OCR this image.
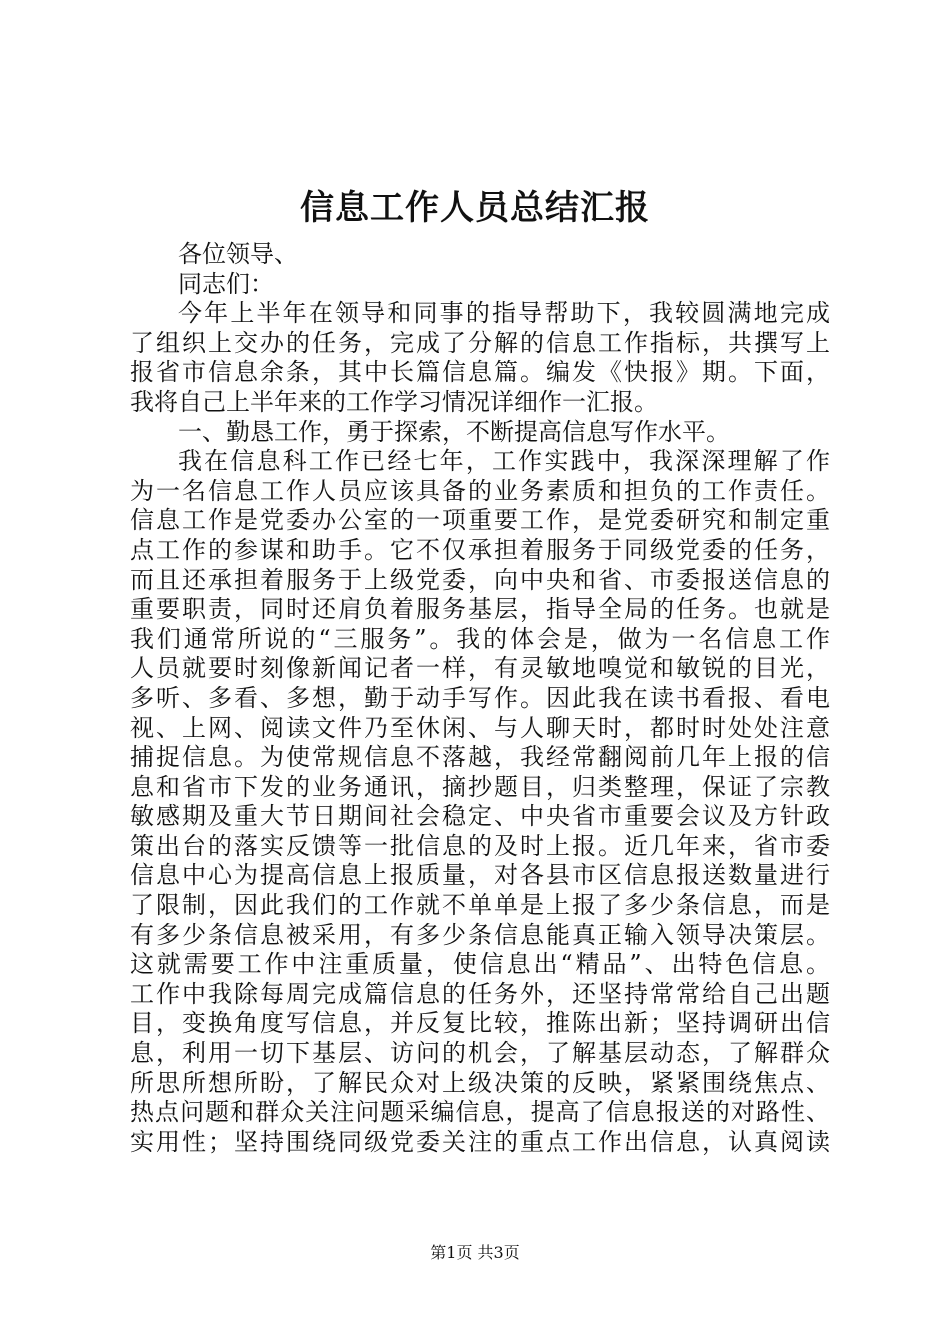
信息工作人员总结汇报
各位领导、
同志们：
今年上半年在领导和同事的指导帮助下，我较圆满地完成
了组织上交办的任务，完成了分解的信息工作指标，共撰写上
报省市信息余条，其中长篇信息篇。编发《快报》期。下面，
我将自己上半年来的工作学习情况详细作一汇报。
一、勤恳工作，勇于探索，不断提高信息写作水平。
我在信息科工作已经七年，工作实践中，我深深理解了作
为一名信息工作人员应该具备的业务素质和担负的工作责任。
信息工作是党委办公室的一项重要工作，是党委研究和制定重
点工作的参谋和助手。它不仅承担着服务于同级党委的任务，
而且还承担着服务于上级党委，向中央和省、市委报送信息的
重要职责，同时还肩负着服务基层，指导全局的任务。也就是
我们通常所说的“三服务”。我的体会是，做为一名信息工作
人员就要时刻像新闻记者一样，有灵敏地嗅觉和敏锐的目光，
多听、多看、多想，勤于动手写作。因此我在读书看报、看电
视、上网、阅读文件乃至休闲、与人聊天时，都时时处处注意
捕捉信息。为使常规信息不落越，我经常翻阅前几年上报的信
息和省市下发的业务通讯，摘抄题目，归类整理，保证了宗教
敏感期及重大节日期间社会稳定、中央省市重要会议及方针政
策出台的落实反馈等一批信息的及时上报。近几年来，省市委
信息中心为提高信息上报质量，对各县市区信息报送数量进行
了限制，因此我们的工作就不单单是上报了多少条信息，而是
有多少条信息被采用，有多少条信息能真正输入领导决策层。
这就需要工作中注重质量，使信息出“精品”、出特色信息。
工作中我除每周完成篇信息的任务外，还坚持常常给自己出题
目，变换角度写信息，并反复比较，推陈出新；坚持调研出信
息，利用一切下基层、访问的机会，了解基层动态，了解群众
所思所想所盼，了解民众对上级决策的反映，紧紧围绕焦点、
热点问题和群众关注问题采编信息，提高了信息报送的对路性、
实用性；坚持围绕同级党委关注的重点工作出信息，认真阅读
第1页 共3页
